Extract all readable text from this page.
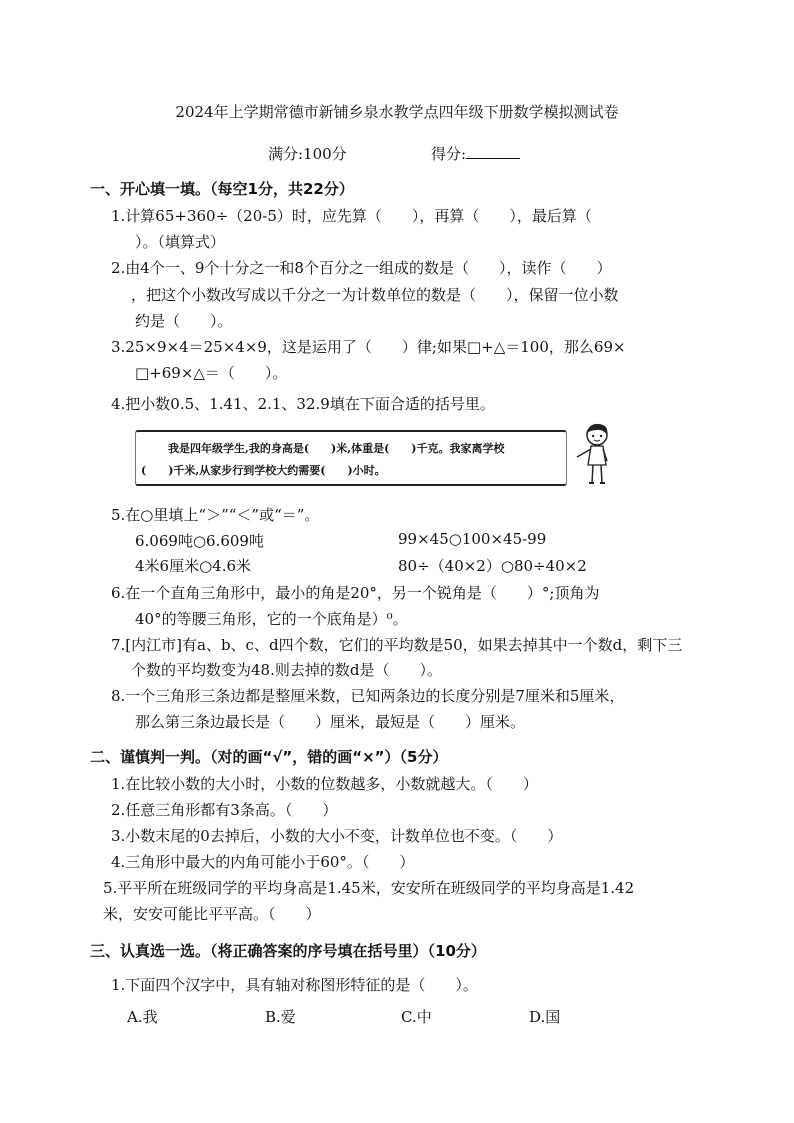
2024年上学期常德市新铺乡泉水教学点四年级下册数学模拟测试卷
满分:100分	得分:
一、开心填一填。（每空1分，共22分）
1.计算65+360÷（20-5）时，应先算（　　），再算（　　），最后算（
）。（填算式）
2.由4个一、9个十分之一和8个百分之一组成的数是（　　），读作（　　）
，把这个小数改写成以千分之一为计数单位的数是（　　），保留一位小数
约是（　　）。
3.25×9×4＝25×4×9，这是运用了（　　）律;如果□+△＝100，那么69×
□+69×△＝（　　）。
4.把小数0.5、1.41、2.1、32.9填在下面合适的括号里。
我是四年级学生,我的身高是(　　)米,体重是(　　)千克。我家离学校
(　　)千米,从家步行到学校大约需要(　　)小时。
5.在○里填上“＞”“＜”或“＝”。
6.069吨○6.609吨	99×45○100×45-99
4米6厘米○4.6米	80÷（40×2）○80÷40×2
6.在一个直角三角形中，最小的角是20°，另一个锐角是（　　）°;顶角为
40°的等腰三角形，它的一个底角是）⁰。
7.[内江市]有a、b、c、d四个数，它们的平均数是50，如果去掉其中一个数d，剩下三
个数的平均数变为48.则去掉的数d是（　　）。
8.一个三角形三条边都是整厘米数，已知两条边的长度分别是7厘米和5厘米，
那么第三条边最长是（　　）厘米，最短是（　　）厘米。
二、谨慎判一判。（对的画“√”，错的画“×”）（5分）
1.在比较小数的大小时，小数的位数越多，小数就越大。（　　）
2.任意三角形都有3条高。（　　）
3.小数末尾的0去掉后，小数的大小不变，计数单位也不变。（　　）
4.三角形中最大的内角可能小于60°。（　　）
5.平平所在班级同学的平均身高是1.45米，安安所在班级同学的平均身高是1.42
米，安安可能比平平高。（　　）
三、认真选一选。（将正确答案的序号填在括号里）（10分）
1.下面四个汉字中，具有轴对称图形特征的是（　　）。
A.我	B.爱	C.中	D.国
